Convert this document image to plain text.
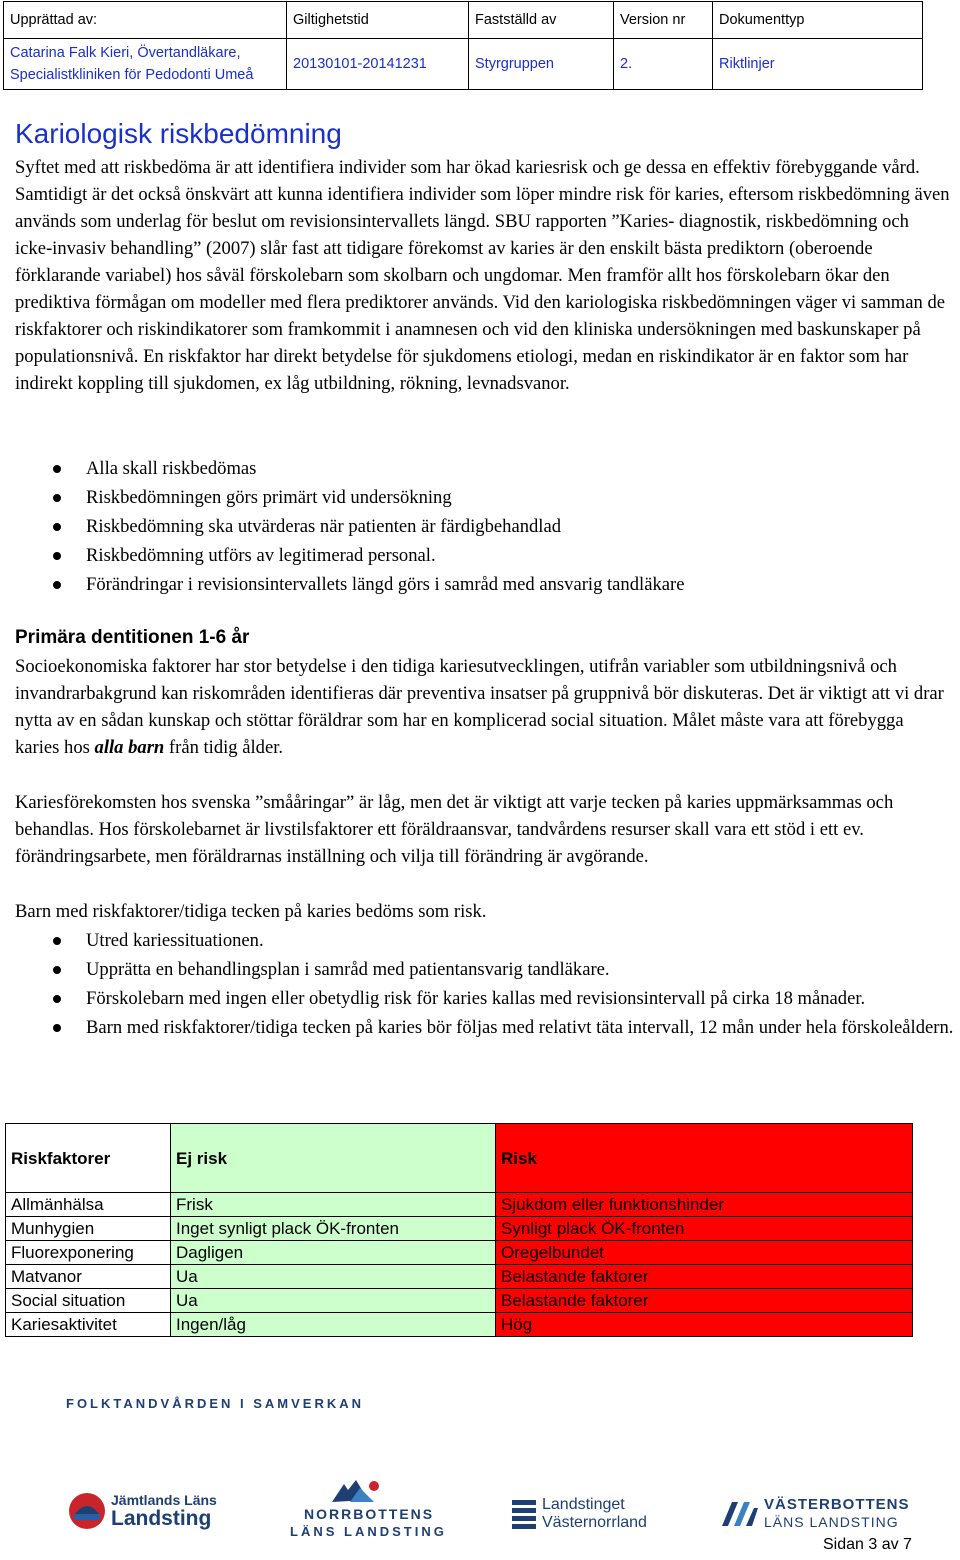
Upprättad av:	Giltighetstid	Fastställd av	Version nr	Dokumenttyp
Catarina Falk Kieri, Övertandläkare, Specialistkliniken för Pedodonti Umeå	20130101-20141231	Styrgruppen	2.	Riktlinjer
Kariologisk riskbedömning

Syftet med att riskbedöma är att identifiera individer som har ökad kariesrisk och ge dessa en effektiv förebyggande vård. Samtidigt är det också önskvärt att kunna identifiera individer som löper mindre risk för karies, eftersom riskbedömning även används som underlag för beslut om revisionsintervallets längd. SBU rapporten ”Karies- diagnostik, riskbedömning och icke-invasiv behandling” (2007) slår fast att tidigare förekomst av karies är den enskilt bästa prediktorn (oberoende förklarande variabel) hos såväl förskolebarn som skolbarn och ungdomar. Men framför allt hos förskolebarn ökar den prediktiva förmågan om modeller med flera prediktorer används. Vid den kariologiska riskbedömningen väger vi samman de riskfaktorer och riskindikatorer som framkommit i anamnesen och vid den kliniska undersökningen med baskunskaper på populationsnivå. En riskfaktor har direkt betydelse för sjukdomens etiologi, medan en riskindikator är en faktor som har indirekt koppling till sjukdomen, ex låg utbildning, rökning, levnadsvanor.

Alla skall riskbedömas
Riskbedömningen görs primärt vid undersökning
Riskbedömning ska utvärderas när patienten är färdigbehandlad
Riskbedömning utförs av legitimerad personal.
Förändringar i revisionsintervallets längd görs i samråd med ansvarig tandläkare
Primära dentitionen 1-6 år

Socioekonomiska faktorer har stor betydelse i den tidiga kariesutvecklingen, utifrån variabler som utbildningsnivå och invandrarbakgrund kan riskområden identifieras där preventiva insatser på gruppnivå bör diskuteras. Det är viktigt att vi drar nytta av en sådan kunskap och stöttar föräldrar som har en komplicerad social situation. Målet måste vara att förebygga karies hos alla barn från tidig ålder.

Kariesförekomsten hos svenska ”smååringar” är låg, men det är viktigt att varje tecken på karies uppmärksammas och behandlas. Hos förskolebarnet är livstilsfaktorer ett föräldraansvar, tandvårdens resurser skall vara ett stöd i ett ev. förändringsarbete, men föräldrarnas inställning och vilja till förändring är avgörande.

Barn med riskfaktorer/tidiga tecken på karies bedöms som risk.

Utred kariessituationen.
Upprätta en behandlingsplan i samråd med patientansvarig tandläkare.
Förskolebarn med ingen eller obetydlig risk för karies kallas med revisionsintervall på cirka 18 månader.
Barn med riskfaktorer/tidiga tecken på karies bör följas med relativt täta intervall, 12 mån under hela förskoleåldern.
Riskfaktorer	Ej risk	Risk
Allmänhälsa	Frisk	Sjukdom eller funktionshinder
Munhygien	Inget synligt plack ÖK-fronten	Synligt plack ÖK-fronten
Fluorexponering	Dagligen	Oregelbundet
Matvanor	Ua	Belastande faktorer
Social situation	Ua	Belastande faktorer
Kariesaktivitet	Ingen/låg	Hög
FOLKTANDVÅRDEN I SAMVERKAN
Jämtlands Läns
Landsting	NORRBOTTENS
LÄNS LANDSTING
Landstinget
Västernorrland
VÄSTERBOTTENS
LÄNS LANDSTING
Sidan 3 av 7
